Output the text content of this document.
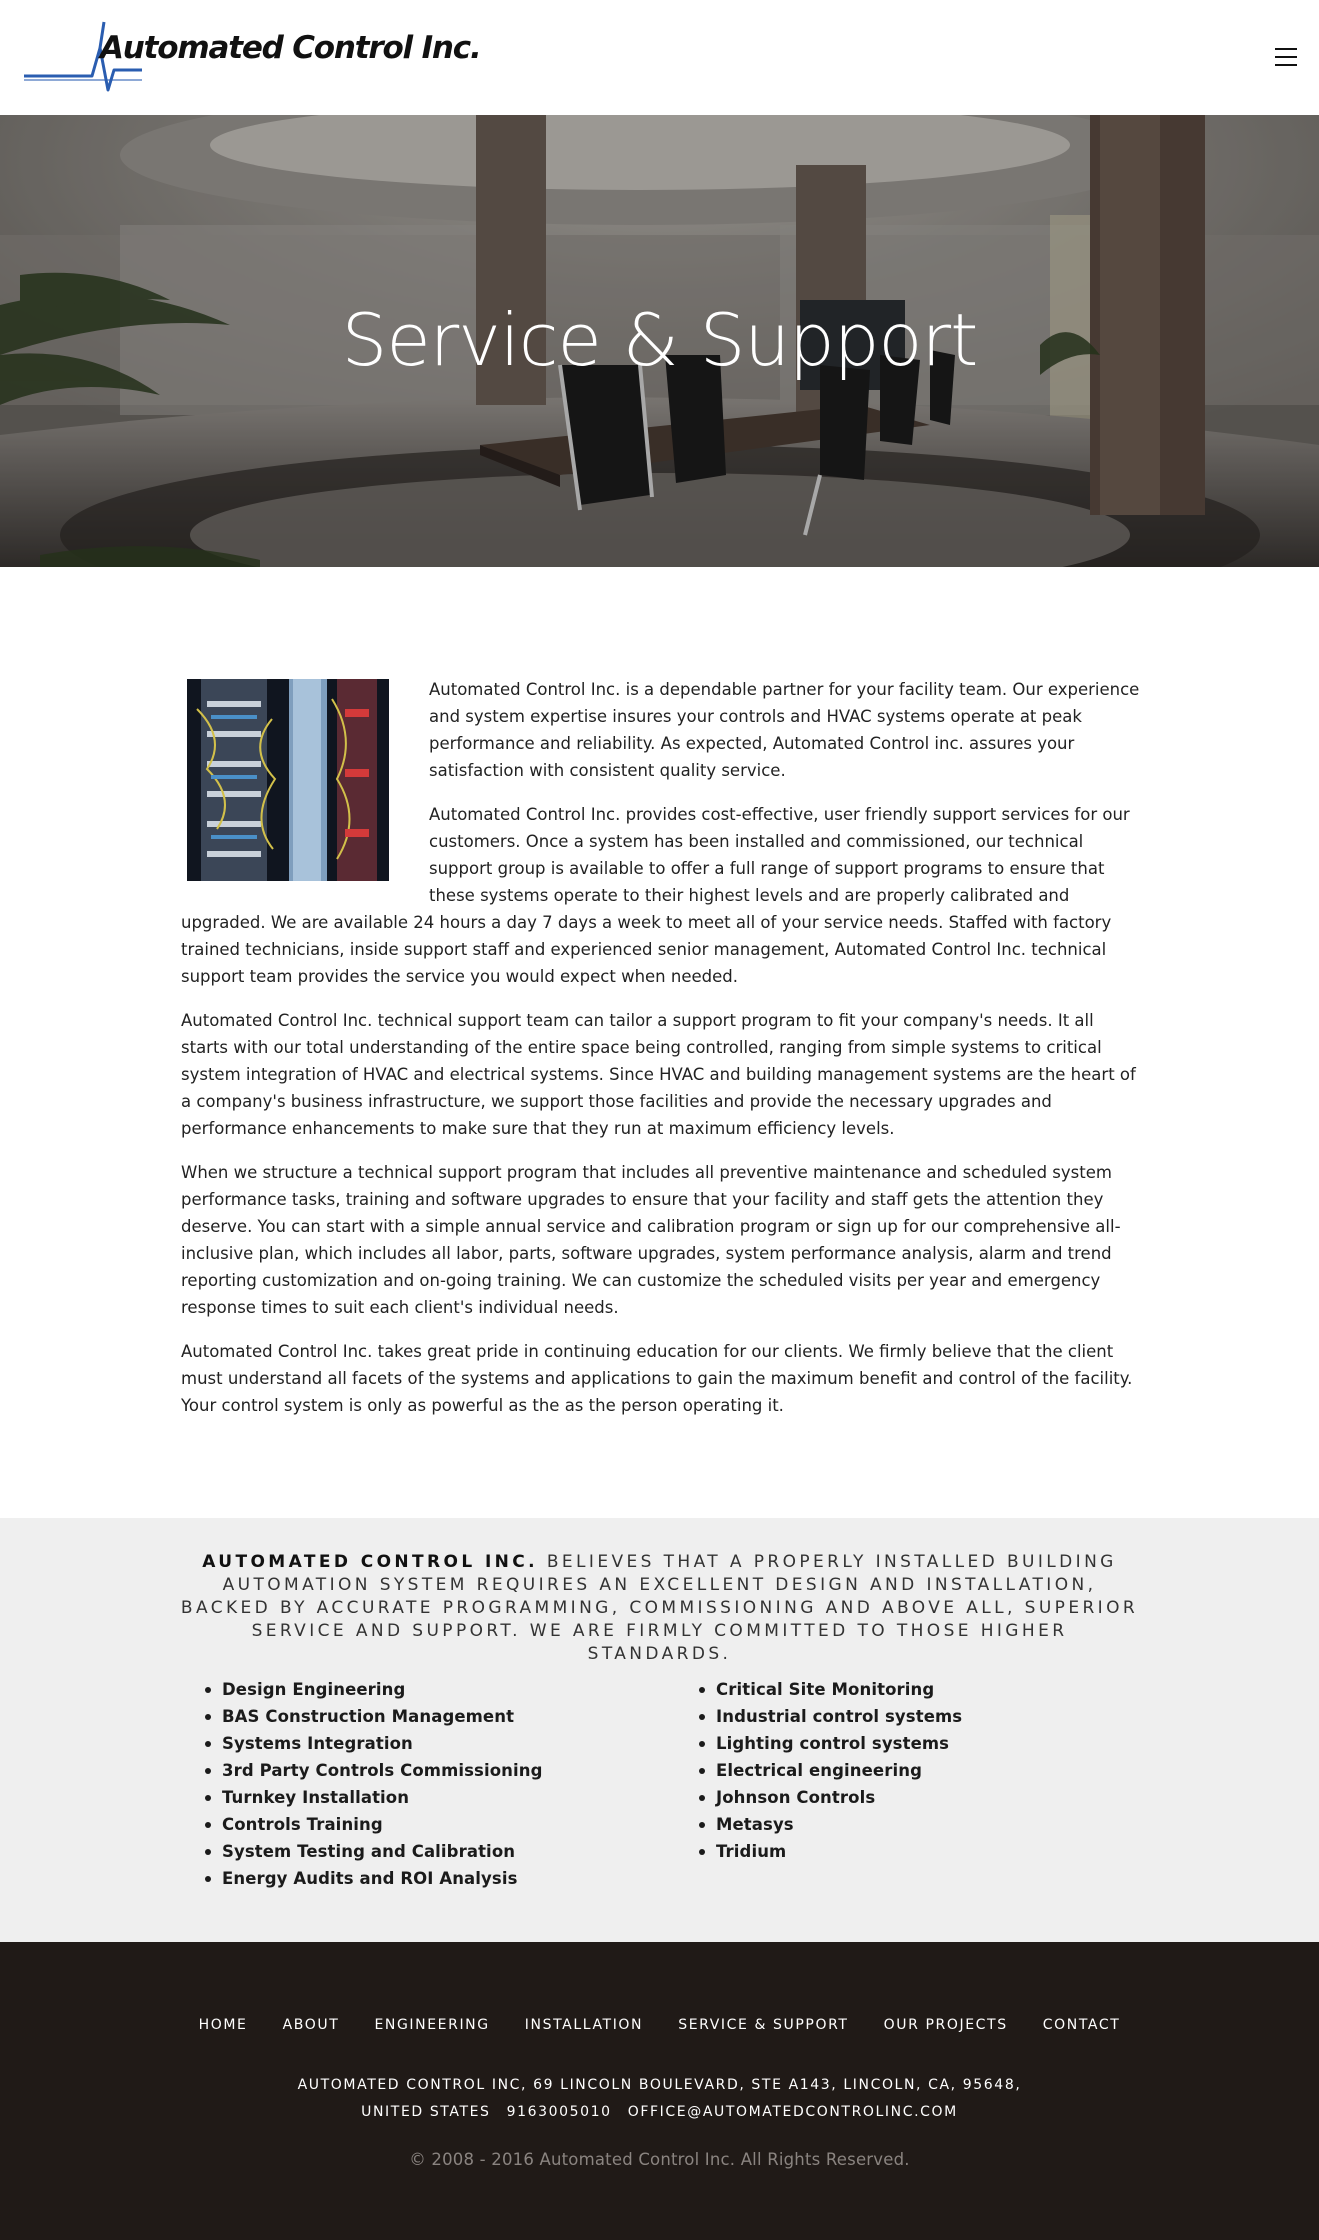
Automated Control Inc.
Service & Support

Automated Control Inc. is a dependable partner for your facility team. Our experience and system expertise insures your controls and HVAC systems operate at peak performance and reliability. As expected, Automated Control inc. assures your satisfaction with consistent quality service.

Automated Control Inc. provides cost-effective, user friendly support services for our customers. Once a system has been installed and commissioned, our technical support group is available to offer a full range of support programs to ensure that these systems operate to their highest levels and are properly calibrated and upgraded. We are available 24 hours a day 7 days a week to meet all of your service needs. Staffed with factory trained technicians, inside support staff and experienced senior management, Automated Control Inc. technical support team provides the service you would expect when needed.

Automated Control Inc. technical support team can tailor a support program to fit your company's needs. It all starts with our total understanding of the entire space being controlled, ranging from simple systems to critical system integration of HVAC and electrical systems. Since HVAC and building management systems are the heart of a company's business infrastructure, we support those facilities and provide the necessary upgrades and performance enhancements to make sure that they run at maximum efficiency levels.

When we structure a technical support program that includes all preventive maintenance and scheduled system performance tasks, training and software upgrades to ensure that your facility and staff gets the attention they deserve. You can start with a simple annual service and calibration program or sign up for our comprehensive all-inclusive plan, which includes all labor, parts, software upgrades, system performance analysis, alarm and trend reporting customization and on-going training. We can customize the scheduled visits per year and emergency response times to suit each client's individual needs.

Automated Control Inc. takes great pride in continuing education for our clients. We firmly believe that the client must understand all facets of the systems and applications to gain the maximum benefit and control of the facility. Your control system is only as powerful as the as the person operating it.

AUTOMATED CONTROL INC. BELIEVES THAT A PROPERLY INSTALLED BUILDING AUTOMATION SYSTEM REQUIRES AN EXCELLENT DESIGN AND INSTALLATION, BACKED BY ACCURATE PROGRAMMING, COMMISSIONING AND ABOVE ALL, SUPERIOR SERVICE AND SUPPORT. WE ARE FIRMLY COMMITTED TO THOSE HIGHER STANDARDS.
Design Engineering
BAS Construction Management
Systems Integration
3rd Party Controls Commissioning
Turnkey Installation
Controls Training
System Testing and Calibration
Energy Audits and ROI Analysis
Critical Site Monitoring
Industrial control systems
Lighting control systems
Electrical engineering
Johnson Controls
Metasys
Tridium
HOME	ABOUT	ENGINEERING	INSTALLATION	SERVICE & SUPPORT	OUR PROJECTS	CONTACT
AUTOMATED CONTROL INC, 69 LINCOLN BOULEVARD, STE A143, LINCOLN, CA, 95648, UNITED STATES 9163005010 OFFICE@AUTOMATEDCONTROLINC.COM
© 2008 - 2016 Automated Control Inc. All Rights Reserved.
